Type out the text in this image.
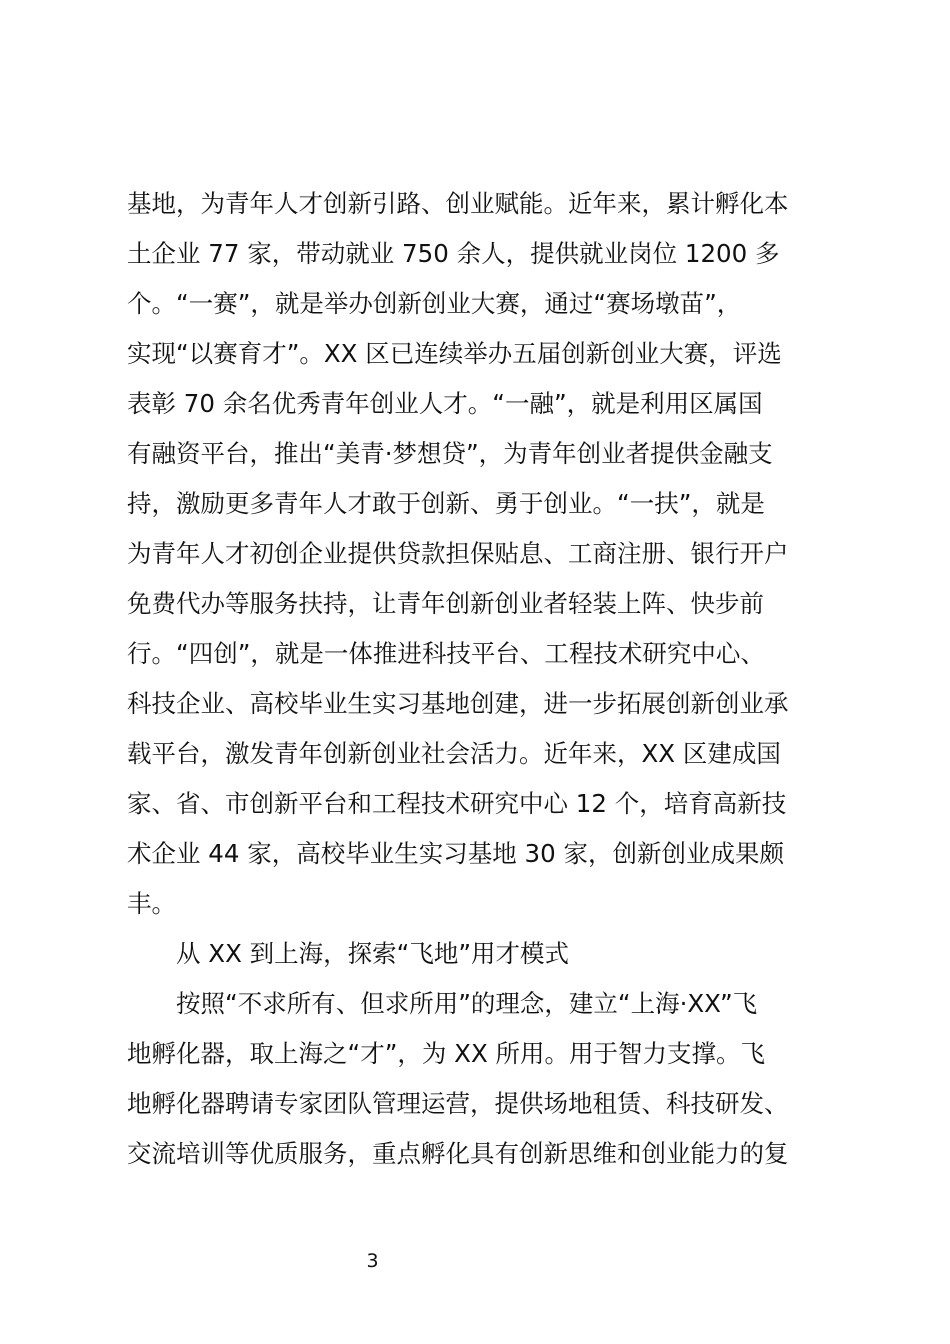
基地，为青年人才创新引路、创业赋能。近年来，累计孵化本
土企业 77 家，带动就业 750 余人，提供就业岗位 1200 多
个。“一赛”，就是举办创新创业大赛，通过“赛场墩苗”，
实现“以赛育才”。XX 区已连续举办五届创新创业大赛，评选
表彰 70 余名优秀青年创业人才。“一融”，就是利用区属国
有融资平台，推出“美青·梦想贷”，为青年创业者提供金融支
持，激励更多青年人才敢于创新、勇于创业。“一扶”，就是
为青年人才初创企业提供贷款担保贴息、工商注册、银行开户
免费代办等服务扶持，让青年创新创业者轻装上阵、快步前
行。“四创”，就是一体推进科技平台、工程技术研究中心、
科技企业、高校毕业生实习基地创建，进一步拓展创新创业承
载平台，激发青年创新创业社会活力。近年来，XX 区建成国
家、省、市创新平台和工程技术研究中心 12 个，培育高新技
术企业 44 家，高校毕业生实习基地 30 家，创新创业成果颇
丰。
从 XX 到上海，探索“飞地”用才模式
按照“不求所有、但求所用”的理念，建立“上海·XX”飞
地孵化器，取上海之“才”，为 XX 所用。用于智力支撑。飞
地孵化器聘请专家团队管理运营，提供场地租赁、科技研发、
交流培训等优质服务，重点孵化具有创新思维和创业能力的复
3
